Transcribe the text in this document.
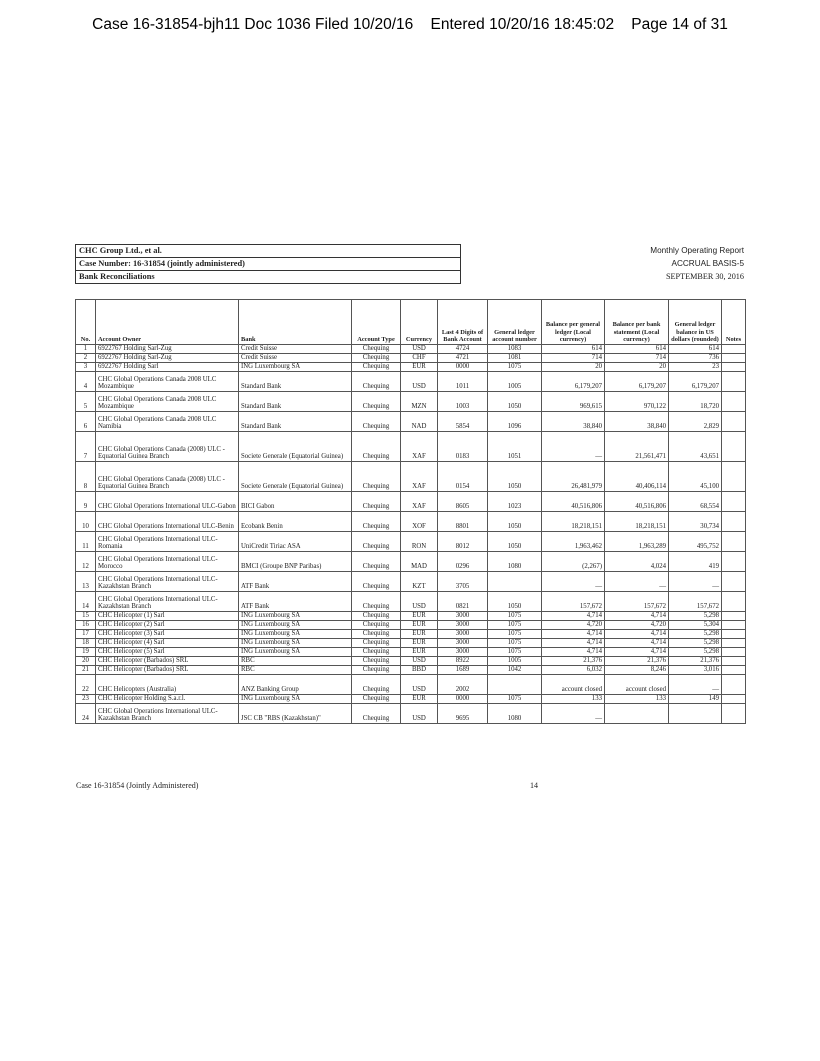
Case 16-31854-bjh11 Doc 1036 Filed 10/20/16    Entered 10/20/16 18:45:02    Page 14 of 31
CHC Group Ltd., et al.
Case Number: 16-31854 (jointly administered)
Bank Reconciliations
Monthly Operating Report
ACCRUAL BASIS-5
SEPTEMBER 30, 2016
No.	Account Owner	Bank	Account Type	Currency	Last 4 Digits of Bank Account	General ledger account number	Balance per general ledger (Local currency)	Balance per bank statement (Local currency)	General ledger balance in US dollars (rounded)	Notes
1	6922767 Holding Sarl-Zug	Credit Suisse	Chequing	USD	4724	1083	614	614	614	
2	6922767 Holding Sarl-Zug	Credit Suisse	Chequing	CHF	4721	1081	714	714	736	
3	6922767 Holding Sarl	ING Luxembourg SA	Chequing	EUR	0000	1075	20	20	23	
4	CHC Global Operations Canada 2008 ULC Mozambique	Standard Bank	Chequing	USD	1011	1005	6,179,207	6,179,207	6,179,207	
5	CHC Global Operations Canada 2008 ULC Mozambique	Standard Bank	Chequing	MZN	1003	1050	969,615	970,122	18,720	
6	CHC Global Operations Canada 2008 ULC Namibia	Standard Bank	Chequing	NAD	5854	1096	38,840	38,840	2,829	
7	CHC Global Operations Canada (2008) ULC - Equatorial Guinea Branch	Societe Generale (Equatorial Guinea)	Chequing	XAF	0183	1051	—	21,561,471	43,651	
8	CHC Global Operations Canada (2008) ULC - Equatorial Guinea Branch	Societe Generale (Equatorial Guinea)	Chequing	XAF	0154	1050	26,481,979	40,406,114	45,100	
9	CHC Global Operations International ULC-Gabon	BICI Gabon	Chequing	XAF	8605	1023	40,516,806	40,516,806	68,554	
10	CHC Global Operations International ULC-Benin	Ecobank Benin	Chequing	XOF	8801	1050	18,218,151	18,218,151	30,734	
11	CHC Global Operations International ULC-Romania	UniCredit Tiriac ASA	Chequing	RON	8012	1050	1,963,462	1,963,289	495,752	
12	CHC Global Operations International ULC-Morocco	BMCI (Groupe BNP Paribas)	Chequing	MAD	0296	1080	(2,267)	4,024	419	
13	CHC Global Operations International ULC-Kazakhstan Branch	ATF Bank	Chequing	KZT	3705		—	—	—	
14	CHC Global Operations International ULC-Kazakhstan Branch	ATF Bank	Chequing	USD	0821	1050	157,672	157,672	157,672	
15	CHC Helicopter (1) Sarl	ING Luxembourg SA	Chequing	EUR	3000	1075	4,714	4,714	5,298	
16	CHC Helicopter (2) Sarl	ING Luxembourg SA	Chequing	EUR	3000	1075	4,720	4,720	5,304	
17	CHC Helicopter (3) Sarl	ING Luxembourg SA	Chequing	EUR	3000	1075	4,714	4,714	5,298	
18	CHC Helicopter (4) Sarl	ING Luxembourg SA	Chequing	EUR	3000	1075	4,714	4,714	5,298	
19	CHC Helicopter (5) Sarl	ING Luxembourg SA	Chequing	EUR	3000	1075	4,714	4,714	5,298	
20	CHC Helicopter (Barbados) SRL	RBC	Chequing	USD	8922	1005	21,376	21,376	21,376	
21	CHC Helicopter (Barbados) SRL	RBC	Chequing	BBD	1689	1042	6,032	8,246	3,016	
22	CHC Helicopters (Australia)	ANZ Banking Group	Chequing	USD	2002		account closed	account closed	—	
23	CHC Helicopter Holding S.a.r.l.	ING Luxembourg SA	Chequing	EUR	0000	1075	133	133	149	
24	CHC Global Operations International ULC-Kazakhstan Branch	JSC CB "RBS (Kazakhstan)"	Chequing	USD	9695	1080	—			
Case 16-31854 (Jointly Administered)	14
